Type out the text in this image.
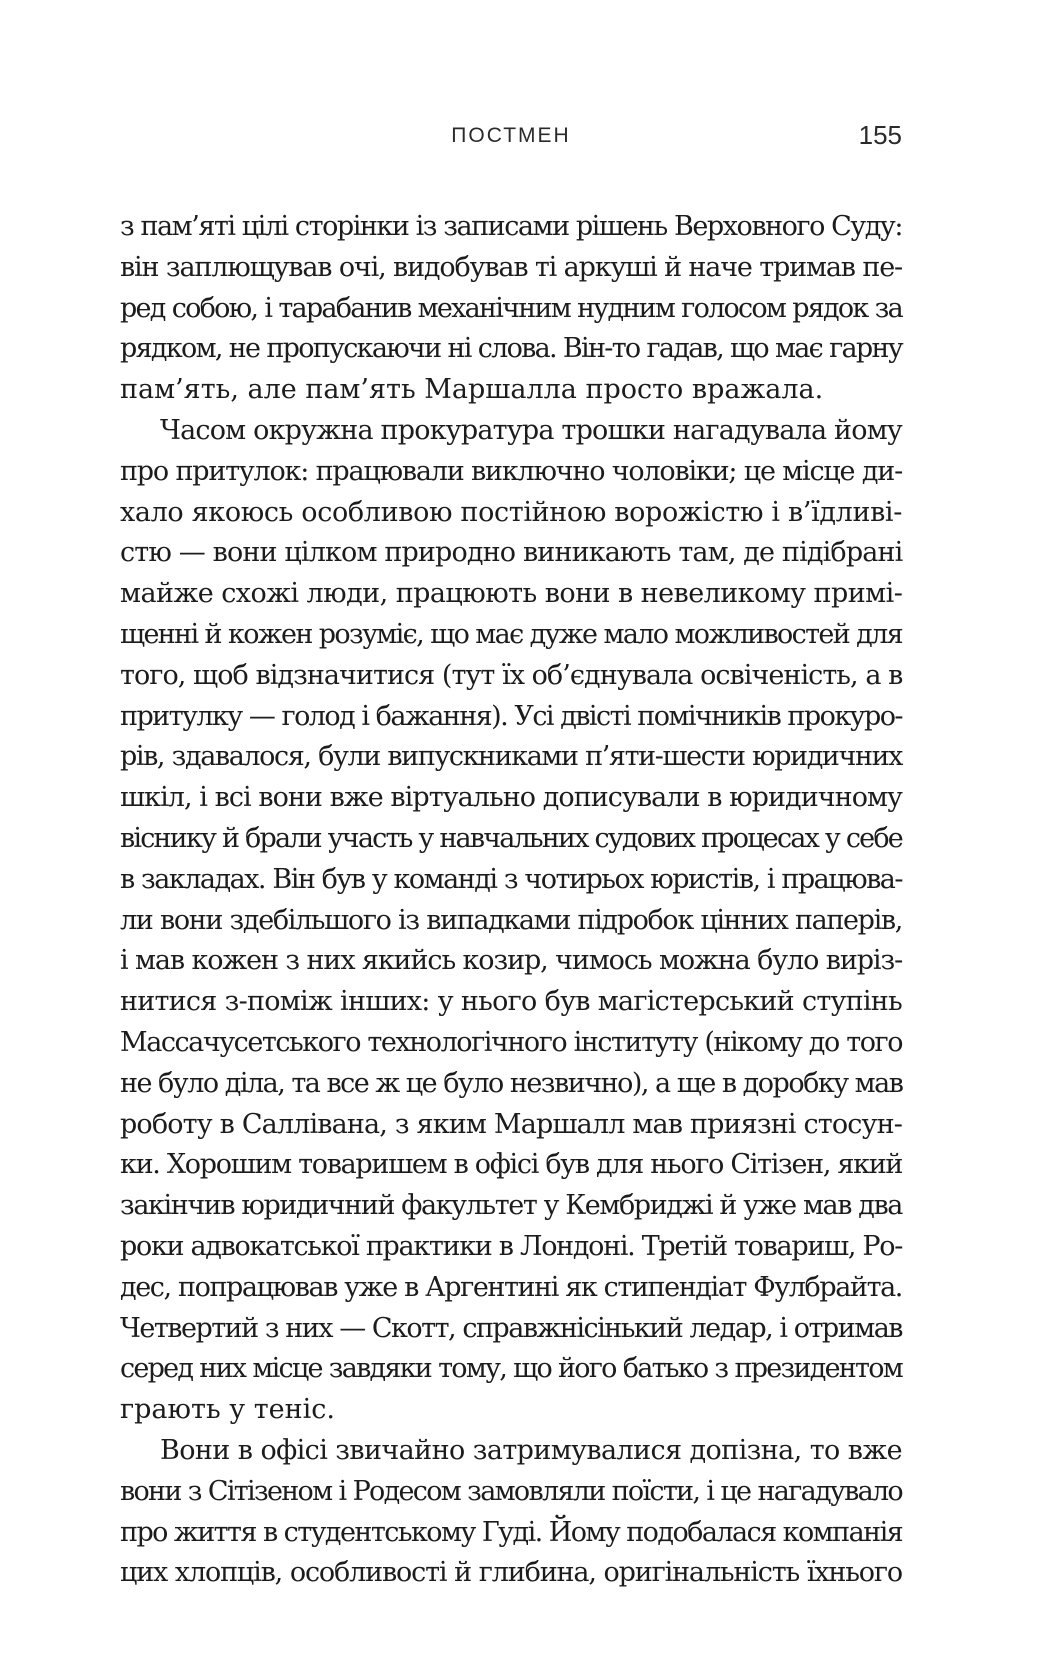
ПОСТМЕН	155
з пам’яті цілі сторінки із записами рішень Верховного Суду:
він заплющував очі, видобував ті аркуші й наче тримав пе-
ред собою, і тарабанив механічним нудним голосом рядок за
рядком, не пропускаючи ні слова. Він-то гадав, що має гарну
пам’ять, але пам’ять Маршалла просто вражала.
Часом окружна прокуратура трошки нагадувала йому
про притулок: працювали виключно чоловіки; це місце ди-
хало якоюсь особливою постійною ворожістю і в’їдливі-
стю — вони цілком природно виникають там, де підібрані
майже схожі люди, працюють вони в невеликому примі-
щенні й кожен розуміє, що має дуже мало можливостей для
того, щоб відзначитися (тут їх об’єднувала освіченість, а в
притулку — голод і бажання). Усі двісті помічників прокуро-
рів, здавалося, були випускниками п’яти-шести юридичних
шкіл, і всі вони вже віртуально дописували в юридичному
віснику й брали участь у навчальних судових процесах у себе
в закладах. Він був у команді з чотирьох юристів, і працюва-
ли вони здебільшого із випадками підробок цінних паперів,
і мав кожен з них якийсь козир, чимось можна було виріз-
нитися з-поміж інших: у нього був магістерський ступінь
Массачусетського технологічного інституту (нікому до того
не було діла, та все ж це було незвично), а ще в доробку мав
роботу в Саллівана, з яким Маршалл мав приязні стосун-
ки. Хорошим товаришем в офісі був для нього Сітізен, який
закінчив юридичний факультет у Кембриджі й уже мав два
роки адвокатської практики в Лондоні. Третій товариш, Ро-
дес, попрацював уже в Аргентині як стипендіат Фулбрайта.
Четвертий з них — Скотт, справжнісінький ледар, і отримав
серед них місце завдяки тому, що його батько з президентом
грають у теніс.
Вони в офісі звичайно затримувалися допізна, то вже
вони з Сітізеном і Родесом замовляли поїсти, і це нагадувало
про життя в студентському Гуді. Йому подобалася компанія
цих хлопців, особливості й глибина, оригінальність їхнього
